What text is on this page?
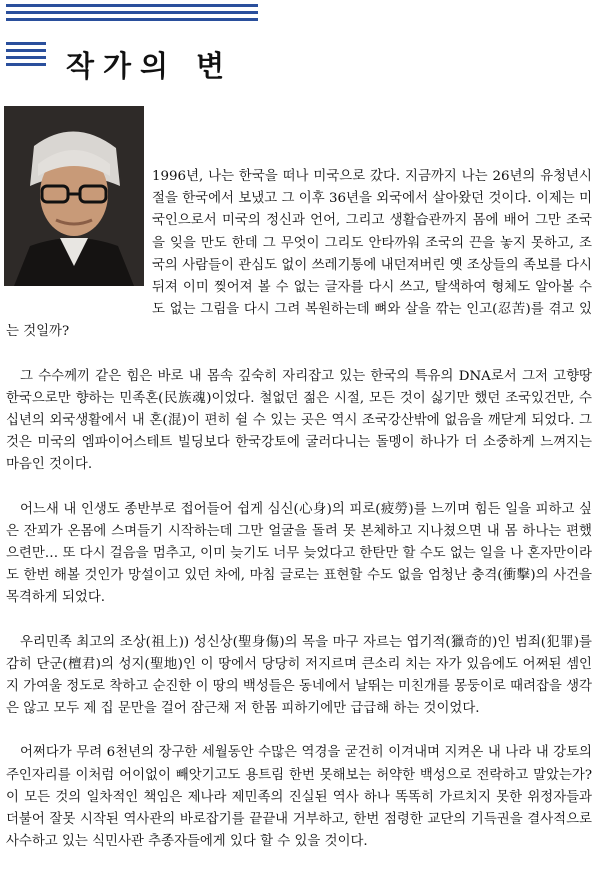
작가의 변

1996년, 나는 한국을 떠나 미국으로 갔다. 지금까지 나는 26년의 유청년시절을 한국에서 보냈고 그 이후 36년을 외국에서 살아왔던 것이다. 이제는 미국인으로서 미국의 정신과 언어, 그리고 생활습관까지 몸에 배어 그만 조국을 잊을 만도 한데 그 무엇이 그리도 안타까워 조국의 끈을 놓지 못하고, 조국의 사람들이 관심도 없이 쓰레기통에 내던져버린 옛 조상들의 족보를 다시 뒤져 이미 찢어져 볼 수 없는 글자를 다시 쓰고, 탈색하여 형체도 알아볼 수도 없는 그림을 다시 그려 복원하는데 뼈와 살을 깎는 인고(忍苦)를 겪고 있는 것일까?

그 수수께끼 같은 힘은 바로 내 몸속 깊숙히 자리잡고 있는 한국의 특유의 DNA로서 그저 고향땅 한국으로만 향하는 민족혼(民族魂)이었다. 철없던 젊은 시절, 모든 것이 싫기만 했던 조국있건만, 수십년의 외국생활에서 내 혼(混)이 편히 쉴 수 있는 곳은 역시 조국강산밖에 없음을 깨닫게 되었다. 그것은 미국의 엠파이어스테트 빌딩보다 한국강토에 굴러다니는 돌멩이 하나가 더 소중하게 느껴지는 마음인 것이다.

어느새 내 인생도 종반부로 접어들어 쉽게 심신(心身)의 피로(疲勞)를 느끼며 힘든 일을 피하고 싶은 잔꾀가 온몸에 스며들기 시작하는데 그만 얼굴을 돌려 못 본체하고 지나쳤으면 내 몸 하나는 편했으련만… 또 다시 걸음을 멈추고, 이미 늦기도 너무 늦었다고 한탄만 할 수도 없는 일을 나 혼자만이라도 한번 해볼 것인가 망설이고 있던 차에, 마침 글로는 표현할 수도 없을 엄청난 충격(衝擊)의 사건을 목격하게 되었다.

우리민족 최고의 조상(祖上)) 성신상(聖身傷)의 목을 마구 자르는 엽기적(獵奇的)인 범죄(犯罪)를 감히 단군(檀君)의 성지(聖地)인 이 땅에서 당당히 저지르며 큰소리 치는 자가 있음에도 어쩌된 셈인지 가여울 정도로 착하고 순진한 이 땅의 백성들은 동네에서 날뛰는 미친개를 몽둥이로 때려잡을 생각은 않고 모두 제 집 문만을 걸어 잠근채 저 한몸 피하기에만 급급해 하는 것이었다.

어쩌다가 무려 6천년의 장구한 세월동안 수많은 역경을 굳건히 이겨내며 지켜온 내 나라 내 강토의 주인자리를 이처럼 어이없이 빼앗기고도 용트림 한번 못해보는 허약한 백성으로 전락하고 말았는가? 이 모든 것의 일차적인 책임은 제나라 제민족의 진실된 역사 하나 똑똑히 가르치지 못한 위정자들과 더불어 잘못 시작된 역사관의 바로잡기를 끝끝내 거부하고, 한번 점령한 교단의 기득권을 결사적으로 사수하고 있는 식민사관 추종자들에게 있다 할 수 있을 것이다.
